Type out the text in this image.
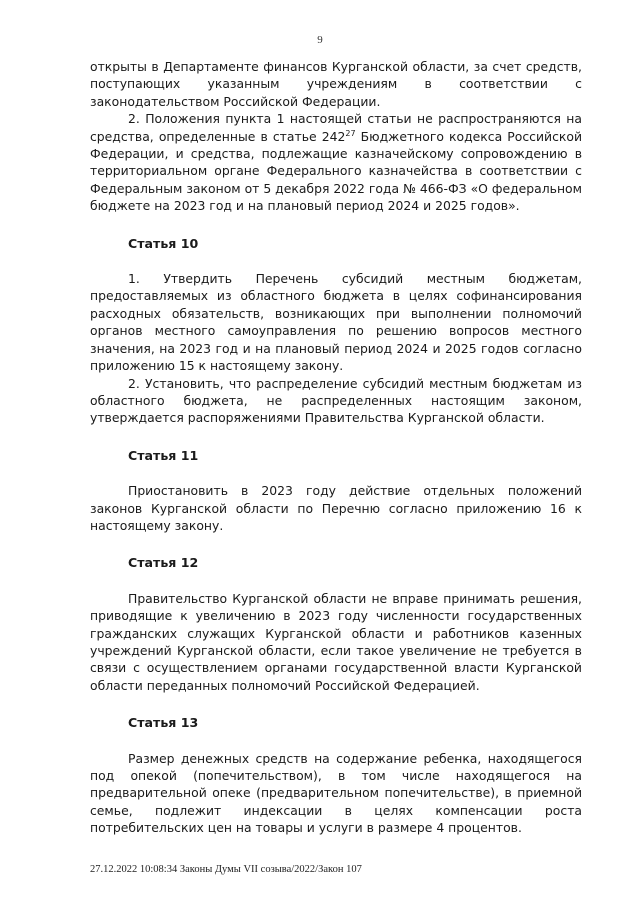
9

открыты в Департаменте финансов Курганской области, за счет средств, поступающих указанным учреждениям в соответствии с законодательством Российской Федерации.

2. Положения пункта 1 настоящей статьи не распространяются на средства, определенные в статье $242^{27}$ Бюджетного кодекса Российской Федерации, и средства, подлежащие казначейскому сопровождению в территориальном органе Федерального казначейства в соответствии с Федеральным законом от 5 декабря 2022 года № 466-ФЗ «О федеральном бюджете на 2023 год и на плановый период 2024 и 2025 годов».

Статья 10

1. Утвердить Перечень субсидий местным бюджетам, предоставляемых из областного бюджета в целях софинансирования расходных обязательств, возникающих при выполнении полномочий органов местного самоуправления по решению вопросов местного значения, на 2023 год и на плановый период 2024 и 2025 годов согласно приложению 15 к настоящему закону.

2. Установить, что распределение субсидий местным бюджетам из областного бюджета, не распределенных настоящим законом, утверждается распоряжениями Правительства Курганской области.

Статья 11

Приостановить в 2023 году действие отдельных положений законов Курганской области по Перечню согласно приложению 16 к настоящему закону.

Статья 12

Правительство Курганской области не вправе принимать решения, приводящие к увеличению в 2023 году численности государственных гражданских служащих Курганской области и работников казенных учреждений Курганской области, если такое увеличение не требуется в связи с осуществлением органами государственной власти Курганской области переданных полномочий Российской Федерацией.

Статья 13

Размер денежных средств на содержание ребенка, находящегося под опекой (попечительством), в том числе находящегося на предварительной опеке (предварительном попечительстве), в приемной семье, подлежит индексации в целях компенсации роста потребительских цен на товары и услуги в размере 4 процентов.

27.12.2022 10:08:34 Законы Думы VII созыва/2022/Закон 107
